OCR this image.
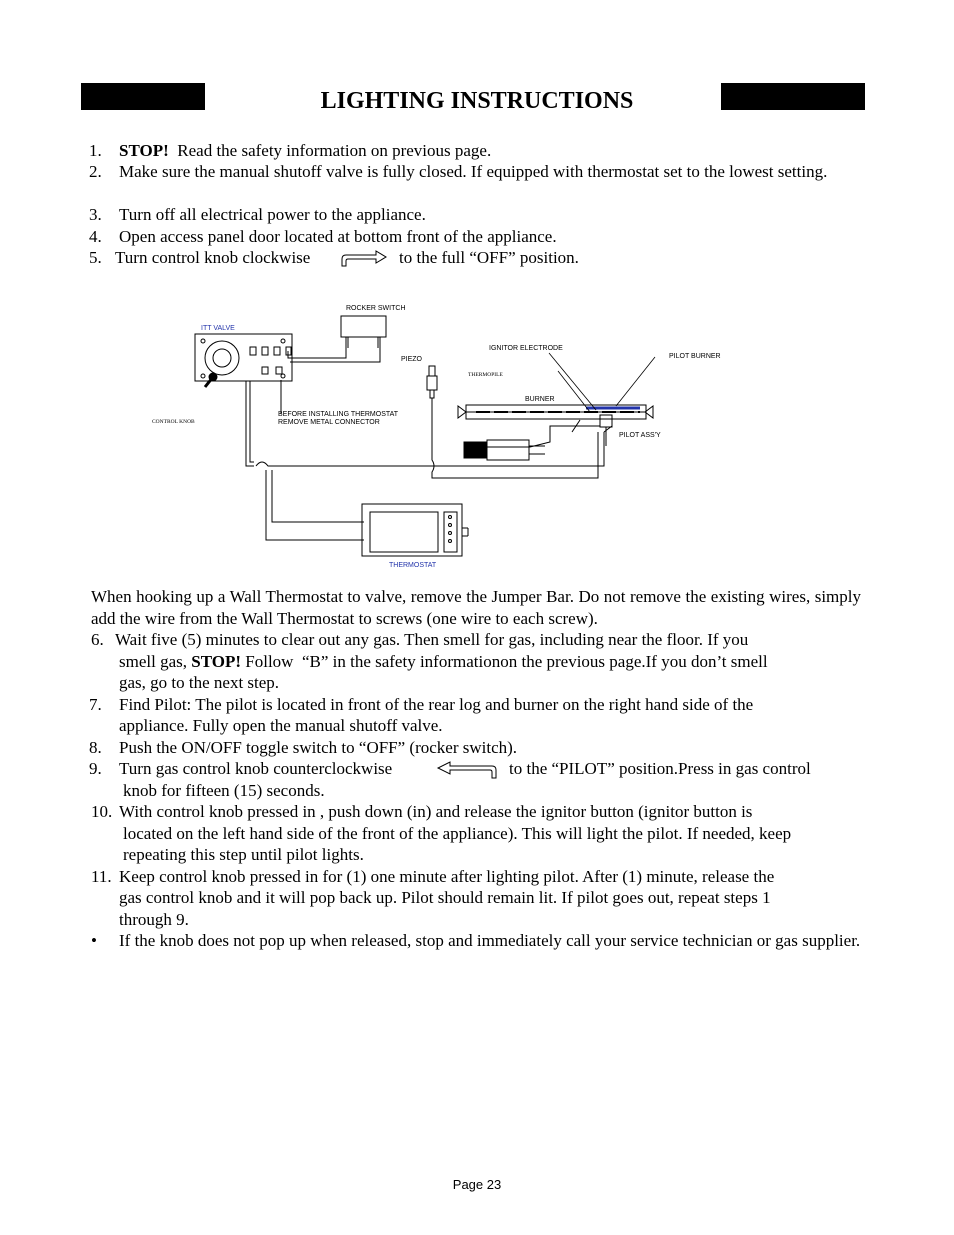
LIGHTING INSTRUCTIONS
1. STOP!  Read the safety information on previous page.
2. Make sure the manual shutoff valve is fully closed. If equipped with thermostat set to the lowest setting.
3. Turn off all electrical power to the appliance.
4. Open access panel door located at bottom front of the appliance.
5. Turn control knob clockwise	to the full “OFF” position.
ROCKER SWITCH
ITT VALVE
PIEZO
IGNITOR ELECTRODE
PILOT BURNER
THERMOPILE
BURNER
CONTROL KNOB
BEFORE INSTALLING THERMOSTAT
REMOVE METAL CONNECTOR
PILOT ASS'Y
THERMOSTAT
When hooking up a Wall Thermostat to valve, remove the Jumper Bar. Do not remove the existing wires, simply add the wire from the Wall Thermostat to screws (one wire to each screw).
6. Wait five (5) minutes to clear out any gas. Then smell for gas, including near the floor. If you
smell gas, STOP! Follow  “B” in the safety informationon the previous page.If you don’t smell
gas, go to the next step.
7. Find Pilot: The pilot is located in front of the rear log and burner on the right hand side of the
appliance. Fully open the manual shutoff valve.
8. Push the ON/OFF toggle switch to “OFF” (rocker switch).
9. Turn gas control knob counterclockwise	to the “PILOT” position.Press in gas control
knob for fifteen (15) seconds.
10. With control knob pressed in , push down (in) and release the ignitor button (ignitor button is
located on the left hand side of the front of the appliance). This will light the pilot. If needed, keep
repeating this step until pilot lights.
11. Keep control knob pressed in for (1) one minute after lighting pilot. After (1) minute, release the
gas control knob and it will pop back up. Pilot should remain lit. If pilot goes out, repeat steps 1
through 9.
• If the knob does not pop up when released, stop and immediately call your service technician or gas supplier.
Page 23
